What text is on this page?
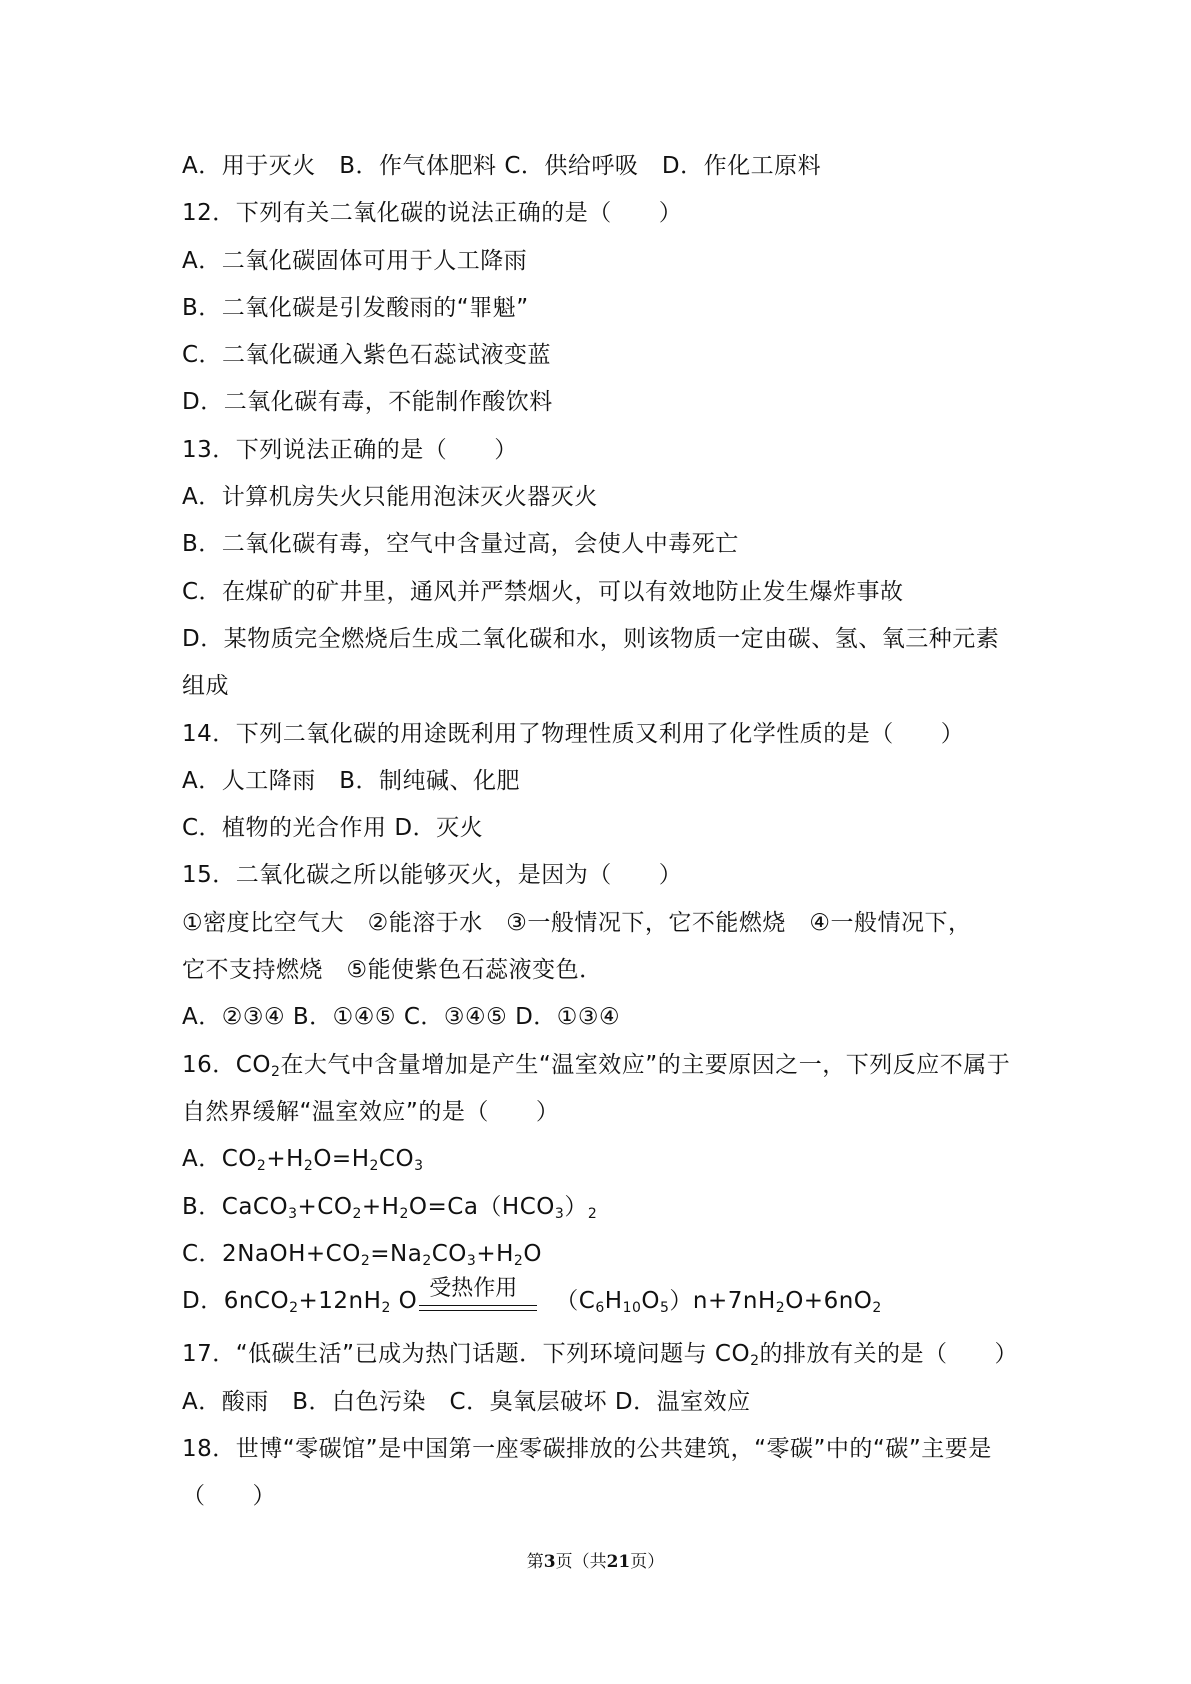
A．用于灭火　B．作气体肥料 C．供给呼吸　D．作化工原料
12．下列有关二氧化碳的说法正确的是（　　）
A．二氧化碳固体可用于人工降雨
B．二氧化碳是引发酸雨的“罪魁”
C．二氧化碳通入紫色石蕊试液变蓝
D．二氧化碳有毒，不能制作酸饮料
13．下列说法正确的是（　　）
A．计算机房失火只能用泡沫灭火器灭火
B．二氧化碳有毒，空气中含量过高，会使人中毒死亡
C．在煤矿的矿井里，通风并严禁烟火，可以有效地防止发生爆炸事故
D．某物质完全燃烧后生成二氧化碳和水，则该物质一定由碳、氢、氧三种元素
组成
14．下列二氧化碳的用途既利用了物理性质又利用了化学性质的是（　　）
A．人工降雨　B．制纯碱、化肥
C．植物的光合作用 D．灭火
15．二氧化碳之所以能够灭火，是因为（　　）
①密度比空气大　②能溶于水　③一般情况下，它不能燃烧　④一般情况下，
它不支持燃烧　⑤能使紫色石蕊液变色．
A．②③④ B．①④⑤ C．③④⑤ D．①③④
16．$CO_2$在大气中含量增加是产生“温室效应”的主要原因之一，下列反应不属于
自然界缓解“温室效应”的是（　　）
A．$CO_2+H_2O=H_2CO_3$
B．$CaCO_3+CO_2+H_2O=Ca(HCO_3)_2$
C．$2NaOH+CO_2=Na_2CO_3+H_2O$
D．$6nCO_2+12nH_2$ O 受热作用 $(C_6H_{10}O_5)n+7nH_2O+6nO_2$
17．“低碳生活”已成为热门话题．下列环境问题与 $CO_2$的排放有关的是（　　）
A．酸雨　B．白色污染　C．臭氧层破坏 D．温室效应
18．世博“零碳馆”是中国第一座零碳排放的公共建筑，“零碳”中的“碳”主要是
（　　）
第3页（共21页）
